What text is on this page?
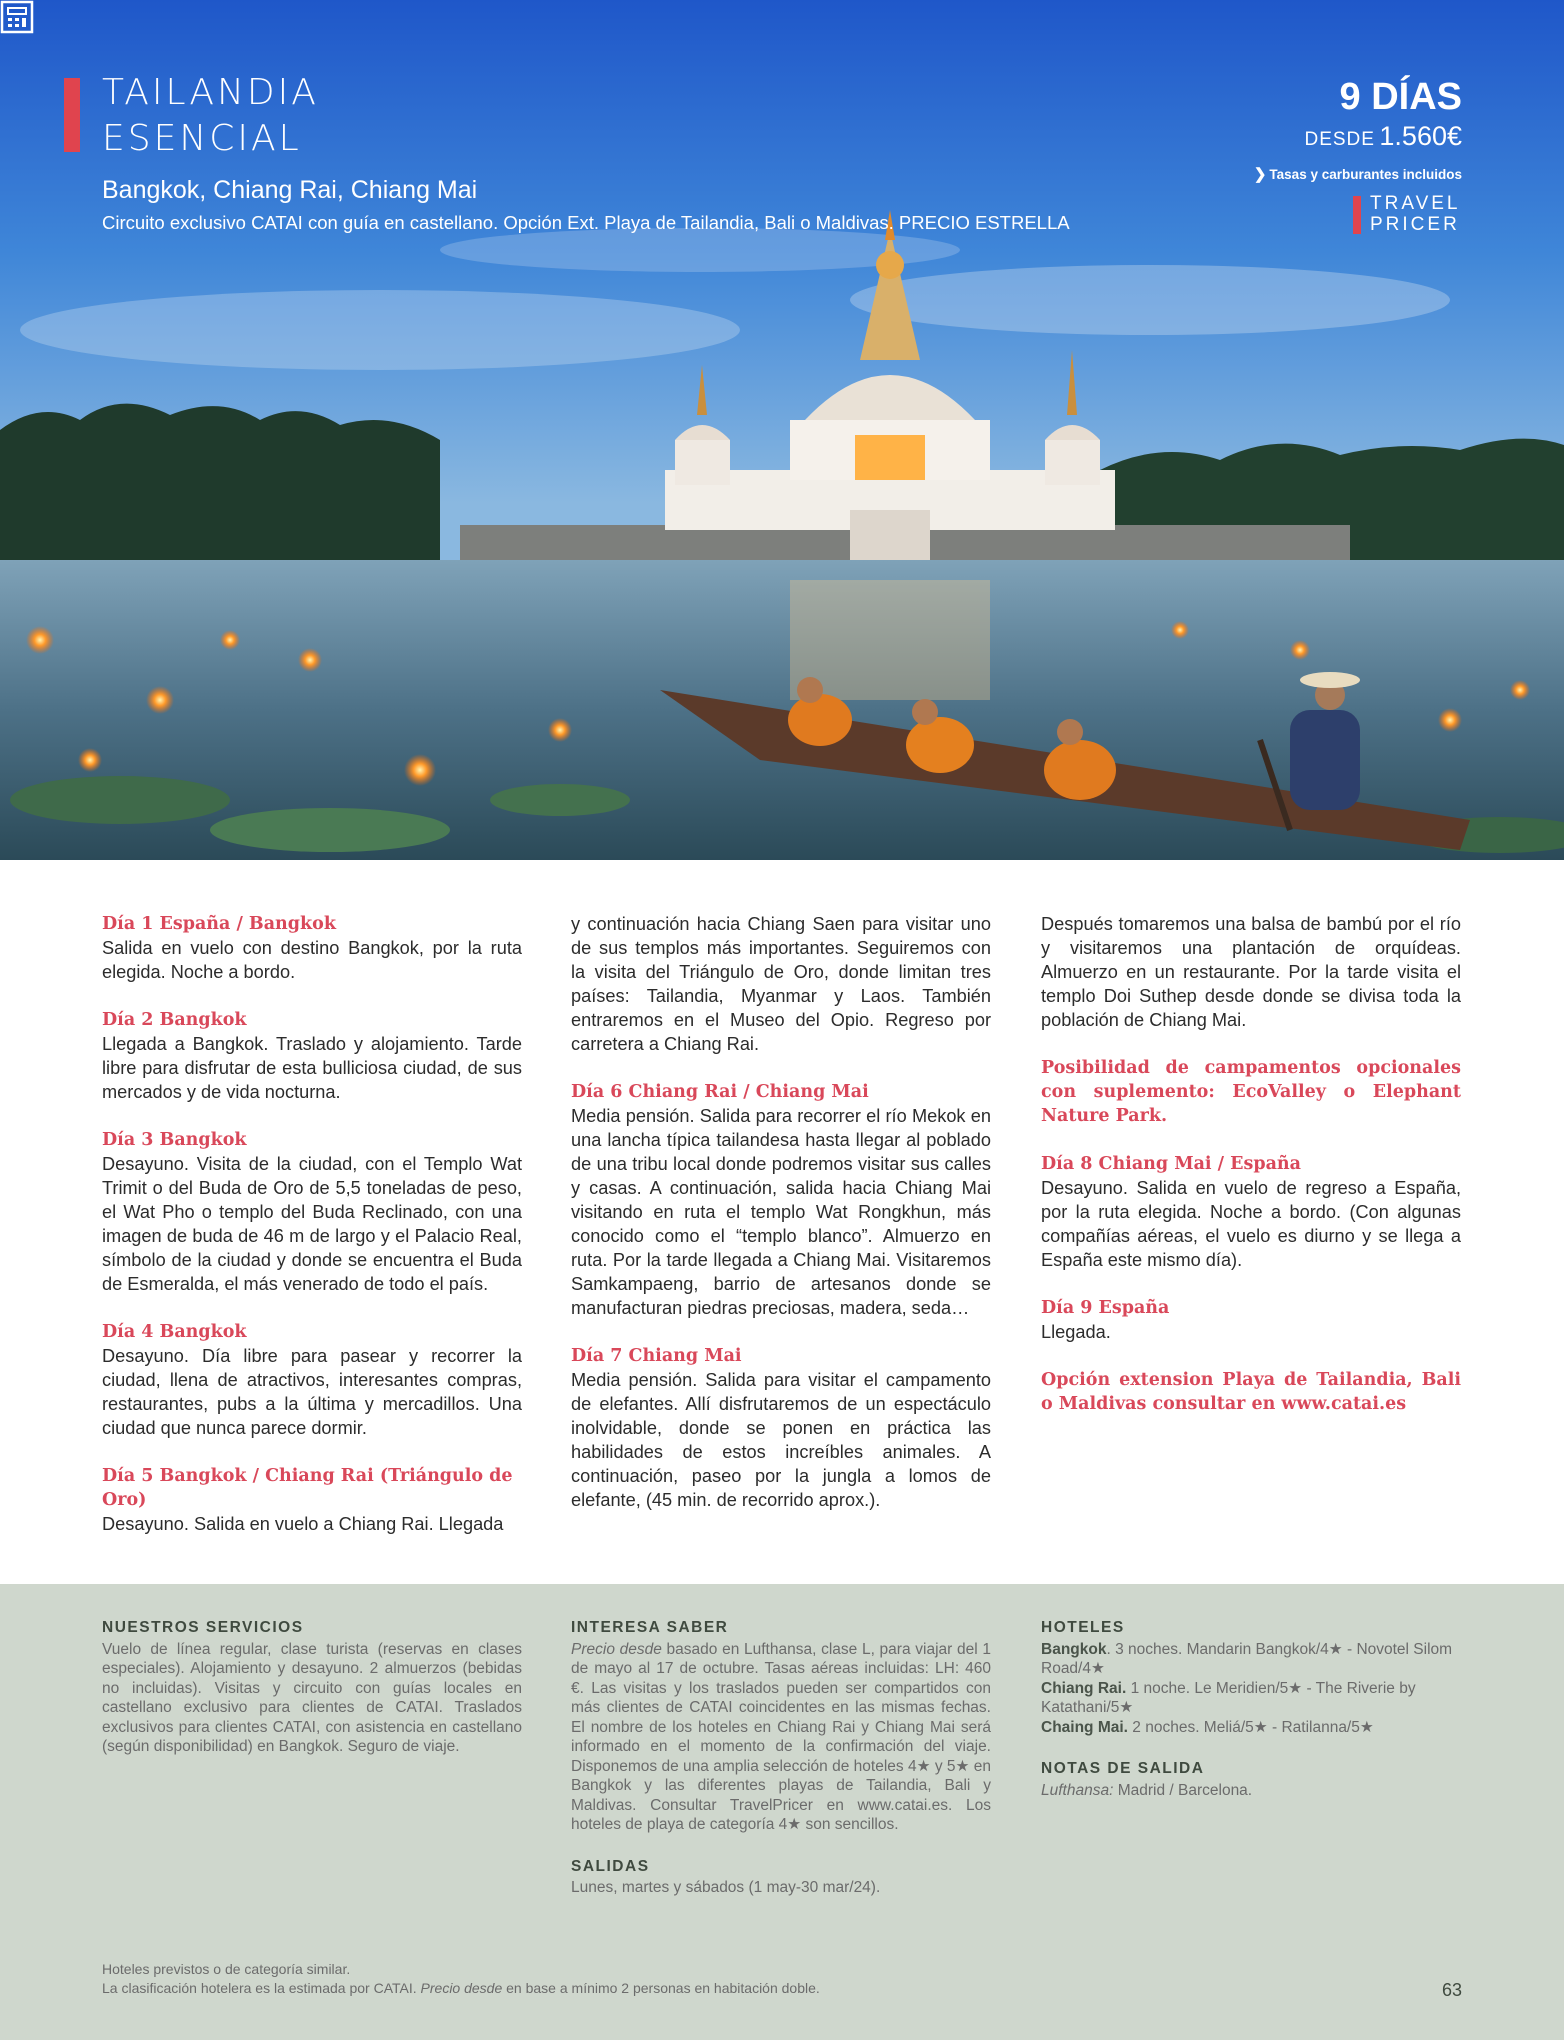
TAILANDIA
ESENCIAL
Bangkok, Chiang Rai, Chiang Mai
Circuito exclusivo CATAI con guía en castellano. Opción Ext. Playa de Tailandia, Bali o Maldivas. PRECIO ESTRELLA
9 DÍAS
DESDE 1.560€
❯ Tasas y carburantes incluidos
TRAVEL
PRICER
Día 1 España / Bangkok

Salida en vuelo con destino Bangkok, por la ruta elegida. Noche a bordo.

Día 2 Bangkok

Llegada a Bangkok. Traslado y alojamiento. Tarde libre para disfrutar de esta bulliciosa ciudad, de sus mercados y de vida nocturna.

Día 3 Bangkok

Desayuno. Visita de la ciudad, con el Templo Wat Trimit o del Buda de Oro de 5,5 toneladas de peso, el Wat Pho o templo del Buda Reclinado, con una imagen de buda de 46 m de largo y el Palacio Real, símbolo de la ciudad y donde se encuentra el Buda de Esmeralda, el más venerado de todo el país.

Día 4 Bangkok

Desayuno. Día libre para pasear y recorrer la ciudad, llena de atractivos, interesantes compras, restaurantes, pubs a la última y mercadillos. Una ciudad que nunca parece dormir.

Día 5 Bangkok / Chiang Rai (Triángulo de Oro)

Desayuno. Salida en vuelo a Chiang Rai. Llegada

y continuación hacia Chiang Saen para visitar uno de sus templos más importantes. Seguiremos con la visita del Triángulo de Oro, donde limitan tres países: Tailandia, Myanmar y Laos. También entraremos en el Museo del Opio. Regreso por carretera a Chiang Rai.

Día 6 Chiang Rai / Chiang Mai

Media pensión. Salida para recorrer el río Mekok en una lancha típica tailandesa hasta llegar al poblado de una tribu local donde podremos visitar sus calles y casas. A continuación, salida hacia Chiang Mai visitando en ruta el templo Wat Rongkhun, más conocido como el “templo blanco”. Almuerzo en ruta. Por la tarde llegada a Chiang Mai. Visitaremos Samkampaeng, barrio de artesanos donde se manufacturan piedras preciosas, madera, seda…

Día 7 Chiang Mai

Media pensión. Salida para visitar el campamento de elefantes. Allí disfrutaremos de un espectáculo inolvidable, donde se ponen en práctica las habilidades de estos increíbles animales. A continuación, paseo por la jungla a lomos de elefante, (45 min. de recorrido aprox.).

Después tomaremos una balsa de bambú por el río y visitaremos una plantación de orquídeas. Almuerzo en un restaurante. Por la tarde visita el templo Doi Suthep desde donde se divisa toda la población de Chiang Mai.

Posibilidad de campamentos opcionales con suplemento: EcoValley o Elephant Nature Park.

Día 8 Chiang Mai / España

Desayuno. Salida en vuelo de regreso a España, por la ruta elegida. Noche a bordo. (Con algunas compañías aéreas, el vuelo es diurno y se llega a España este mismo día).

Día 9 España

Llegada.

Opción extension Playa de Tailandia, Bali o Maldivas consultar en www.catai.es

NUESTROS SERVICIOS

Vuelo de línea regular, clase turista (reservas en clases especiales). Alojamiento y desayuno. 2 almuerzos (bebidas no incluidas). Visitas y circuito con guías locales en castellano exclusivo para clientes de CATAI. Traslados exclusivos para clientes CATAI, con asistencia en castellano (según disponibilidad) en Bangkok. Seguro de viaje.

INTERESA SABER

Precio desde basado en Lufthansa, clase L, para viajar del 1 de mayo al 17 de octubre. Tasas aéreas incluidas: LH: 460 €. Las visitas y los traslados pueden ser compartidos con más clientes de CATAI coincidentes en las mismas fechas. El nombre de los hoteles en Chiang Rai y Chiang Mai será informado en el momento de la confirmación del viaje. Disponemos de una amplia selección de hoteles 4★ y 5★ en Bangkok y las diferentes playas de Tailandia, Bali y Maldivas. Consultar TravelPricer en www.catai.es. Los hoteles de playa de categoría 4★ son sencillos.

SALIDAS

Lunes, martes y sábados (1 may-30 mar/24).

HOTELES

Bangkok. 3 noches. Mandarin Bangkok/4★ - Novotel Silom Road/4★

Chiang Rai. 1 noche. Le Meridien/5★ - The Riverie by Katathani/5★

Chaing Mai. 2 noches. Meliá/5★ - Ratilanna/5★

NOTAS DE SALIDA

Lufthansa: Madrid / Barcelona.

Hoteles previstos o de categoría similar.
La clasificación hotelera es la estimada por CATAI. Precio desde en base a mínimo 2 personas en habitación doble.	63
